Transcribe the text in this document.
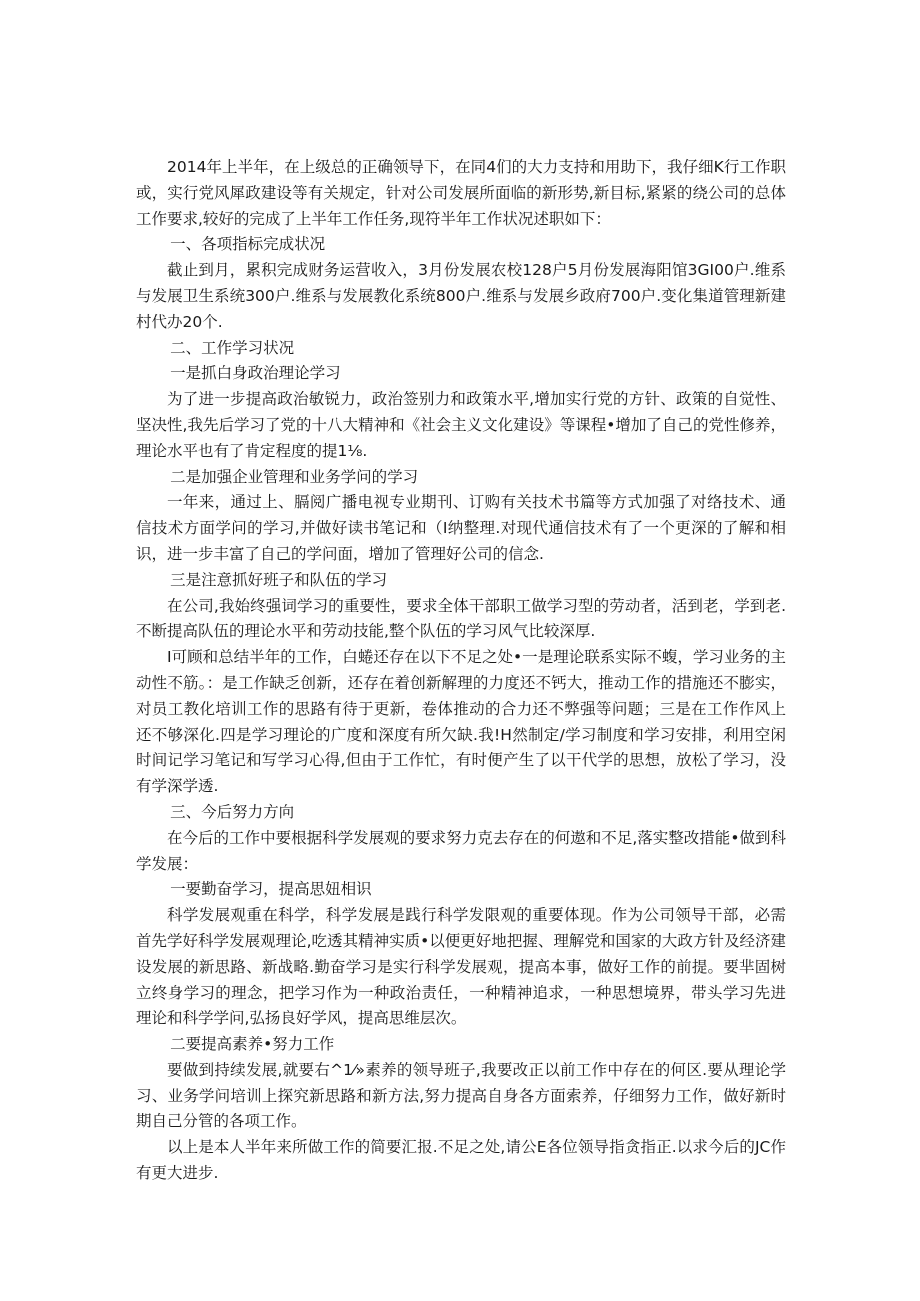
2014年上半年，在上级总的正确领导下，在同4们的大力支持和用助下，我仔细K行工作职或，实行党风犀政建设等有关规定，针对公司发展所面临的新形势,新目标,紧紧的绕公司的总体工作要求,较好的完成了上半年工作任务,现符半年工作状况述职如下：

一、各项指标完成状况

截止到月，累积完成财务运营收入，3月份发展农校128户5月份发展海阳馆3GI00户.维系与发展卫生系统300户.维系与发展教化系统800户.维系与发展乡政府700户.变化集道管理新建村代办20个.

二、工作学习状况

一是抓白身政治理论学习

为了进一步提高政治敏锐力，政治签别力和政策水平,增加实行党的方针、政策的自觉性、坚决性,我先后学习了党的十八大精神和《社会主义文化建设》等课程•增加了自己的党性修养，理论水平也有了肯定程度的提1⅛.

二是加强企业管理和业务学问的学习

一年来，通过上、膈阅广播电视专业期刊、订购有关技术书篇等方式加强了对络技术、通信技术方面学问的学习,并做好读书笔记和（I纳整理.对现代通信技术有了一个更深的了解和相识，进一步丰富了自己的学问面，增加了管理好公司的信念.

三是注意抓好班子和队伍的学习

在公司,我始终强词学习的重要性，要求全体干部职工做学习型的劳动者，活到老，学到老.不断提高队伍的理论水平和劳动技能,整个队伍的学习风气比较深厚.

I可顾和总结半年的工作，白蜷还存在以下不足之处•一是理论联系实际不蝮，学习业务的主动性不筋。：是工作缺乏创新，还存在着创新解理的力度还不钙大，推动工作的措施还不膨实，对员工教化培训工作的思路有待于更新，卷体推动的合力还不弊强等问题；三是在工作作风上还不够深化.四是学习理论的广度和深度有所欠缺.我!H然制定/学习制度和学习安排，利用空闲时间记学习笔记和写学习心得,但由于工作忙，有时便产生了以干代学的思想，放松了学习，没有学深学透.

三、今后努力方向

在今后的工作中要根据科学发展观的要求努力克去存在的何遨和不足,落实整改措能•做到科学发展：

一要勤奋学习，提高思妞相识

科学发展观重在科学，科学发展是践行科学发限观的重要体现。作为公司领导干部，必需首先学好科学发展观理论,吃透其精神实质•以便更好地把握、理解党和国家的大政方针及经济建设发展的新思路、新战略.勤奋学习是实行科学发展观，提高本事，做好工作的前提。要芈固树立终身学习的理念，把学习作为一种政治责任，一种精神追求，一种思想境界，带头学习先进理论和科学学问,弘扬良好学风，提高思维层次。

二要提高素养•努力工作

要做到持续发展,就要右^1⁄»素养的领导班子,我要改正以前工作中存在的何区.要从理论学习、业务学问培训上探究新思路和新方法,努力提高自身各方面索养，仔细努力工作，做好新时期自己分管的各项工作。

以上是本人半年来所做工作的简要汇报.不足之处,请公E各位领导指贪指正.以求今后的JC作有更大进步.
